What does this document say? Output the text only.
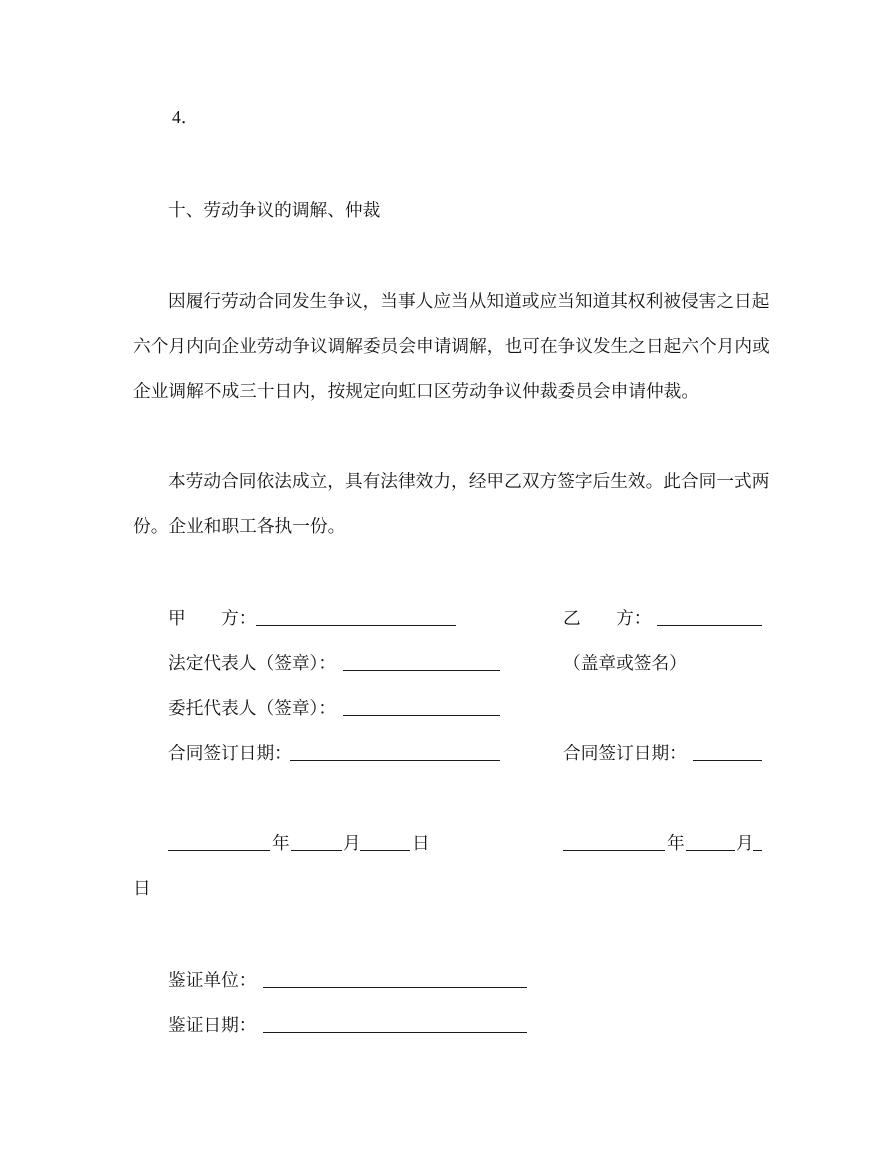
4．
十、劳动争议的调解、仲裁
因履行劳动合同发生争议，当事人应当从知道或应当知道其权利被侵害之日起
六个月内向企业劳动争议调解委员会申请调解，也可在争议发生之日起六个月内或
企业调解不成三十日内，按规定向虹口区劳动争议仲裁委员会申请仲裁。
本劳动合同依法成立，具有法律效力，经甲乙双方签字后生效。此合同一式两
份。企业和职工各执一份。
甲　　方：	乙　　方：
法定代表人（签章）：	（盖章或签名）
委托代表人（签章）：
合同签订日期：	合同签订日期：
年	月	日	年	月
日
鉴证单位：
鉴证日期：
